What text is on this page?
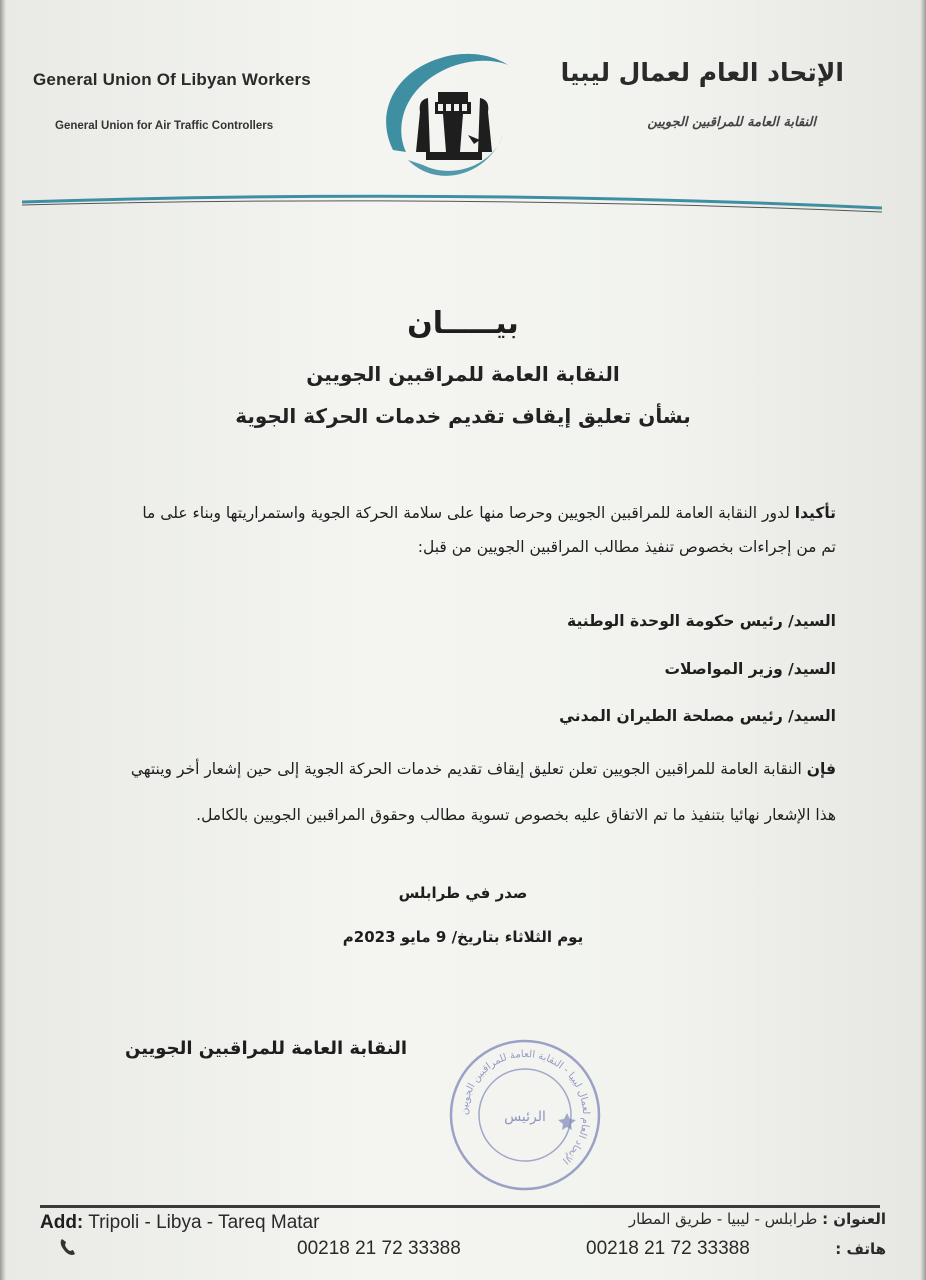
General Union Of Libyan Workers
General Union for Air Traffic Controllers
الإتحاد العام لعمال ليبيا
النقابة العامة للمراقبين الجويين
بيـــــان
النقابة العامة للمراقبين الجويين
بشأن تعليق إيقاف تقديم خدمات الحركة الجوية
تأكيدا لدور النقابة العامة للمراقبين الجويين وحرصا منها على سلامة الحركة الجوية واستمراريتها وبناء على ما تم من إجراءات بخصوص تنفيذ مطالب المراقبين الجويين من قبل:
السيد/ رئيس حكومة الوحدة الوطنية
السيد/ وزير المواصلات
السيد/ رئيس مصلحة الطيران المدني
فإن النقابة العامة للمراقبين الجويين تعلن تعليق إيقاف تقديم خدمات الحركة الجوية إلى حين إشعار أخر وينتهي هذا الإشعار نهائيا بتنفيذ ما تم الاتفاق عليه بخصوص تسوية مطالب وحقوق المراقبين الجويين بالكامل.
صدر في طرابلس
يوم الثلاثاء بتاريخ/ 9 مايو 2023م
النقابة العامة للمراقبين الجويين
الإتحاد العام لعمال ليبيا - النقابة العامة للمراقبين الجويين
الرئيس
Add: Tripoli - Libya - Tareq Matar
00218 21 72 33388
العنوان : طرابلس - ليبيا - طريق المطار
00218 21 72 33388	هاتف :
